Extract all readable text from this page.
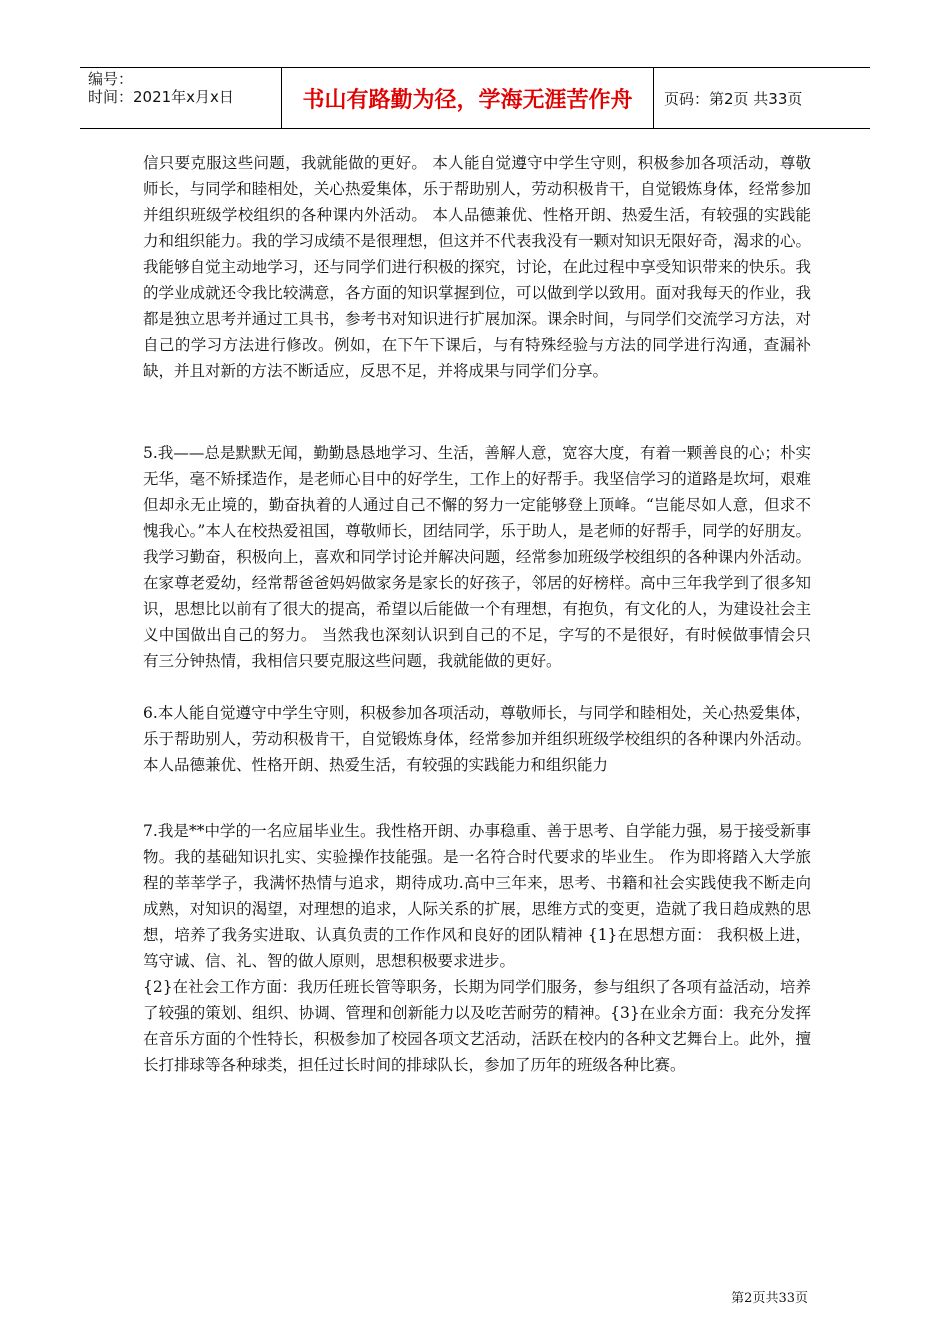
编号：
时间：2021年x月x日	书山有路勤为径，学海无涯苦作舟	页码：第2页 共33页

信只要克服这些问题，我就能做的更好。 本人能自觉遵守中学生守则，积极参加各项活动，尊敬师长，与同学和睦相处，关心热爱集体，乐于帮助别人，劳动积极肯干，自觉锻炼身体，经常参加并组织班级学校组织的各种课内外活动。 本人品德兼优、性格开朗、热爱生活，有较强的实践能力和组织能力。我的学习成绩不是很理想，但这并不代表我没有一颗对知识无限好奇，渴求的心。我能够自觉主动地学习，还与同学们进行积极的探究，讨论，在此过程中享受知识带来的快乐。我的学业成就还令我比较满意，各方面的知识掌握到位，可以做到学以致用。面对我每天的作业，我都是独立思考并通过工具书，参考书对知识进行扩展加深。课余时间，与同学们交流学习方法，对自己的学习方法进行修改。例如，在下午下课后，与有特殊经验与方法的同学进行沟通，查漏补缺，并且对新的方法不断适应，反思不足，并将成果与同学们分享。

5.我——总是默默无闻，勤勤恳恳地学习、生活，善解人意，宽容大度，有着一颗善良的心；朴实无华，毫不矫揉造作，是老师心目中的好学生，工作上的好帮手。我坚信学习的道路是坎坷，艰难但却永无止境的，勤奋执着的人通过自己不懈的努力一定能够登上顶峰。“岂能尽如人意，但求不愧我心。”本人在校热爱祖国，尊敬师长，团结同学，乐于助人，是老师的好帮手，同学的好朋友。我学习勤奋，积极向上，喜欢和同学讨论并解决问题，经常参加班级学校组织的各种课内外活动。 在家尊老爱幼，经常帮爸爸妈妈做家务是家长的好孩子，邻居的好榜样。高中三年我学到了很多知识，思想比以前有了很大的提高，希望以后能做一个有理想，有抱负，有文化的人，为建设社会主义中国做出自己的努力。 当然我也深刻认识到自己的不足，字写的不是很好，有时候做事情会只有三分钟热情，我相信只要克服这些问题，我就能做的更好。

6.本人能自觉遵守中学生守则，积极参加各项活动，尊敬师长，与同学和睦相处，关心热爱集体，乐于帮助别人，劳动积极肯干，自觉锻炼身体，经常参加并组织班级学校组织的各种课内外活动。 本人品德兼优、性格开朗、热爱生活，有较强的实践能力和组织能力

7.我是**中学的一名应届毕业生。我性格开朗、办事稳重、善于思考、自学能力强，易于接受新事物。我的基础知识扎实、实验操作技能强。是一名符合时代要求的毕业生。 作为即将踏入大学旅程的莘莘学子，我满怀热情与追求，期待成功.高中三年来，思考、书籍和社会实践使我不断走向成熟，对知识的渴望，对理想的追求，人际关系的扩展，思维方式的变更，造就了我日趋成熟的思想，培养了我务实进取、认真负责的工作作风和良好的团队精神 {1}在思想方面： 我积极上进，笃守诚、信、礼、智的做人原则，思想积极要求进步。

{2}在社会工作方面：我历任班长管等职务，长期为同学们服务，参与组织了各项有益活动，培养了较强的策划、组织、协调、管理和创新能力以及吃苦耐劳的精神。{3}在业余方面：我充分发挥在音乐方面的个性特长，积极参加了校园各项文艺活动，活跃在校内的各种文艺舞台上。此外，擅长打排球等各种球类，担任过长时间的排球队长，参加了历年的班级各种比赛。

第2页共33页
